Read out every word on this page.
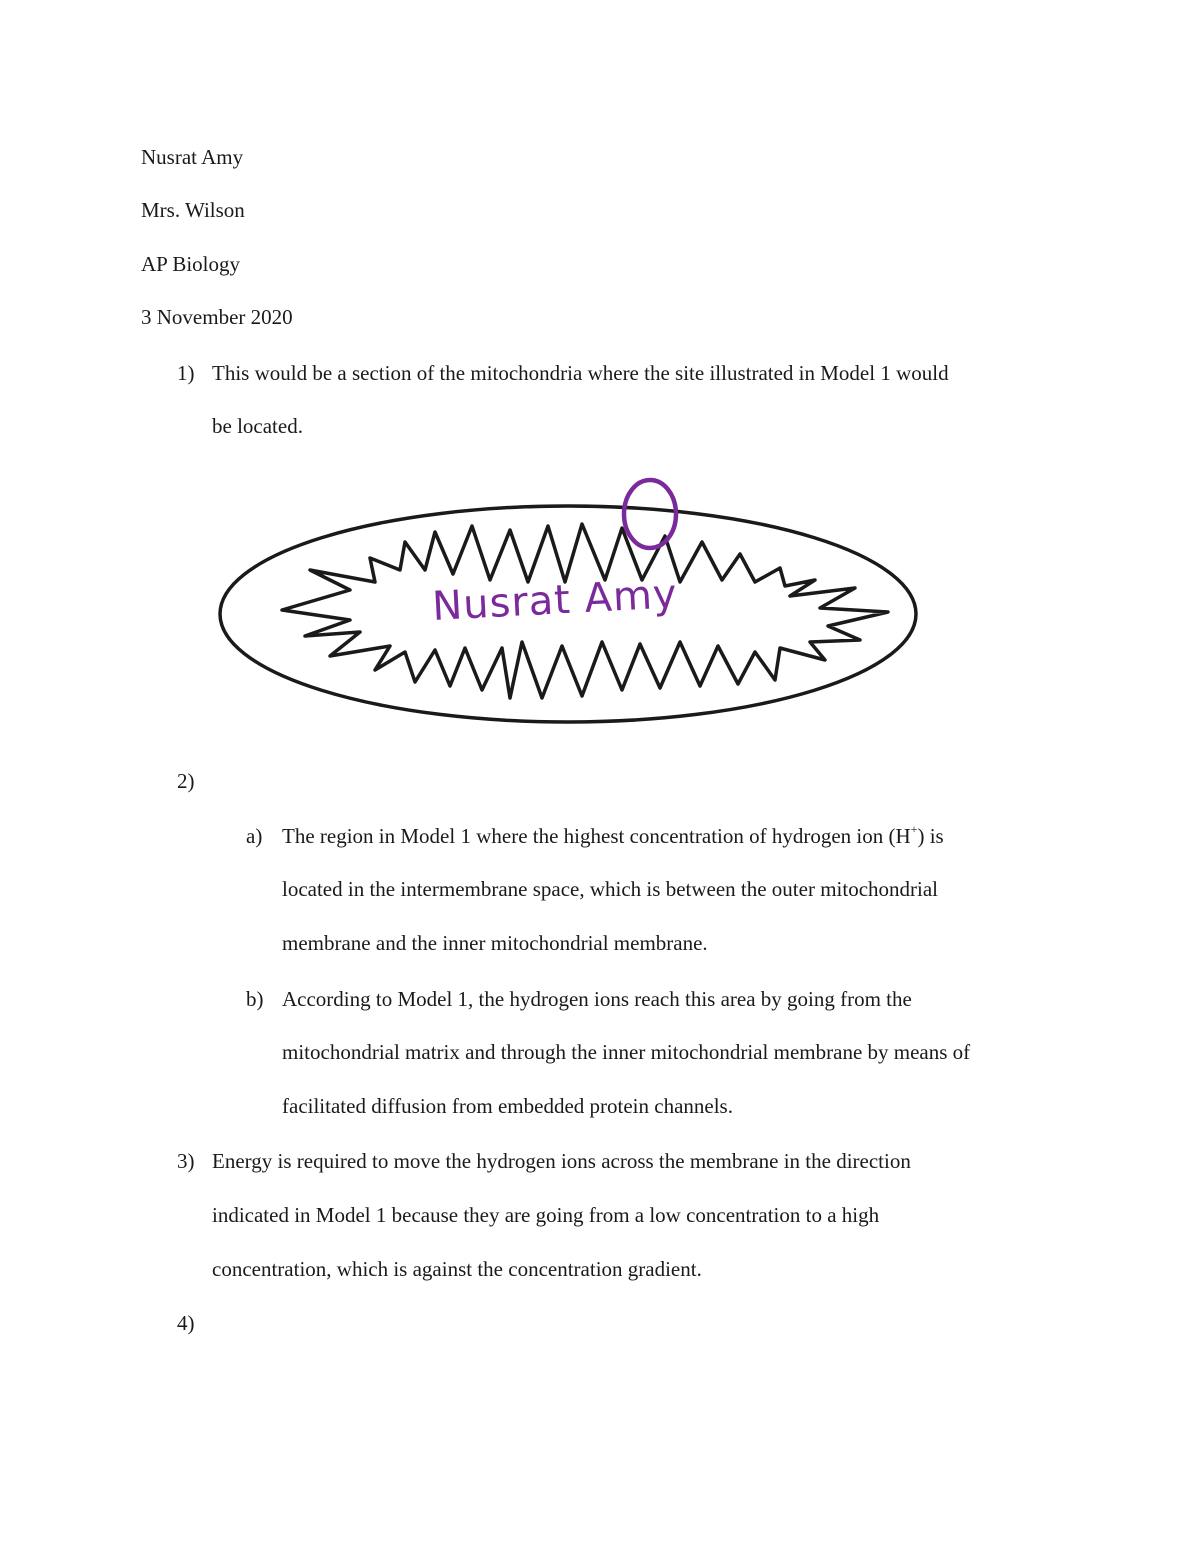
Nusrat Amy
Mrs. Wilson
AP Biology
3 November 2020
1) This would be a section of the mitochondria where the site illustrated in Model 1 would
be located.
Nusrat Amy
2)
a) The region in Model 1 where the highest concentration of hydrogen ion (H+) is
located in the intermembrane space, which is between the outer mitochondrial
membrane and the inner mitochondrial membrane.
b) According to Model 1, the hydrogen ions reach this area by going from the
mitochondrial matrix and through the inner mitochondrial membrane by means of
facilitated diffusion from embedded protein channels.
3) Energy is required to move the hydrogen ions across the membrane in the direction
indicated in Model 1 because they are going from a low concentration to a high
concentration, which is against the concentration gradient.
4)
